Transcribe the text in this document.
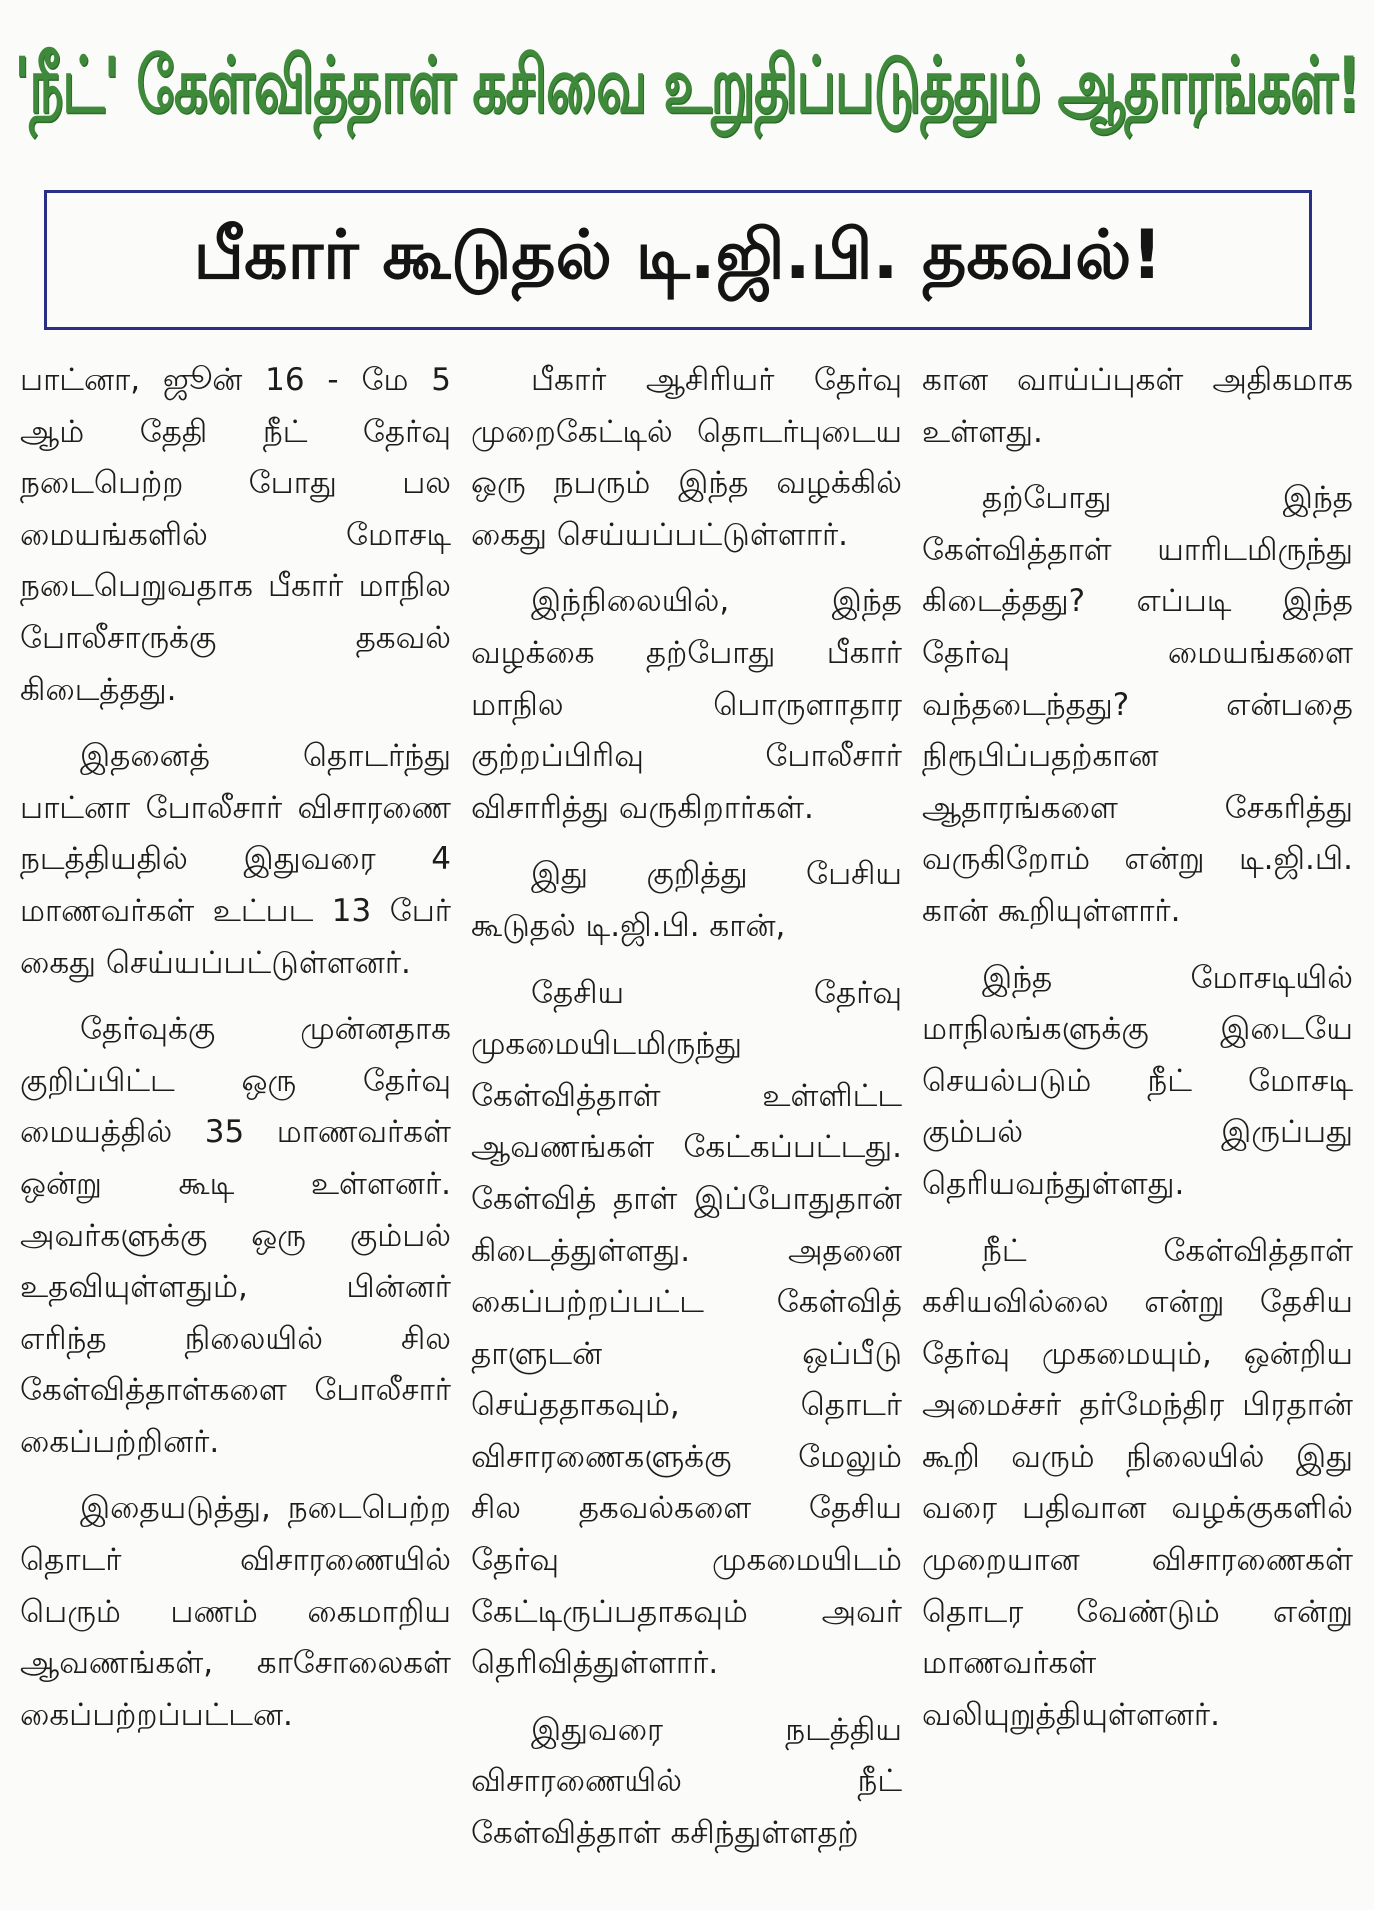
'நீட்' கேள்வித்தாள் கசிவை உறுதிப்படுத்தும் ஆதாரங்கள்!
பீகார் கூடுதல் டி.ஜி.பி. தகவல்!

பாட்னா, ஜூன் 16 - மே 5 ஆம் தேதி நீட் தேர்வு நடைபெற்ற போது பல மையங்களில் மோசடி நடைபெறுவதாக பீகார் மாநில போலீசாருக்கு தகவல் கிடைத்தது.

இதனைத் தொடர்ந்து பாட்னா போலீசார் விசாரணை நடத்தியதில் இதுவரை 4 மாணவர்கள் உட்பட 13 பேர் கைது செய்யப்பட்டுள்ளனர்.

தேர்வுக்கு முன்னதாக குறிப்பிட்ட ஒரு தேர்வு மையத்தில் 35 மாணவர்கள் ஒன்று கூடி உள்ளனர். அவர்களுக்கு ஒரு கும்பல் உதவியுள்ளதும், பின்னர் எரிந்த நிலையில் சில கேள்வித்தாள்களை போலீசார் கைப்பற்றினர்.

இதையடுத்து, நடைபெற்ற தொடர் விசாரணையில் பெரும் பணம் கைமாறிய ஆவணங்கள், காசோலைகள் கைப்பற்றப்பட்டன.

பீகார் ஆசிரியர் தேர்வு முறைகேட்டில் தொடர்புடைய ஒரு நபரும் இந்த வழக்கில் கைது செய்யப்பட்டுள்ளார்.

இந்நிலையில், இந்த வழக்கை தற்போது பீகார் மாநில பொருளாதார குற்றப்பிரிவு போலீசார் விசாரித்து வருகிறார்கள்.

இது குறித்து பேசிய கூடுதல் டி.ஜி.பி. கான்,

தேசிய தேர்வு முகமையிடமிருந்து கேள்வித்தாள் உள்ளிட்ட ஆவணங்கள் கேட்கப்பட்டது. கேள்வித் தாள் இப்போதுதான் கிடைத்துள்ளது. அதனை கைப்பற்றப்பட்ட கேள்வித் தாளுடன் ஒப்பீடு செய்ததாகவும், தொடர் விசாரணைகளுக்கு மேலும் சில தகவல்களை தேசிய தேர்வு முகமையிடம் கேட்டிருப்பதாகவும் அவர் தெரிவித்துள்ளார்.

இதுவரை நடத்திய விசாரணையில் நீட் கேள்வித்தாள் கசிந்துள்ளதற்

கான வாய்ப்புகள் அதிகமாக உள்ளது.

தற்போது இந்த கேள்வித்தாள் யாரிடமிருந்து கிடைத்தது? எப்படி இந்த தேர்வு மையங்களை வந்தடைந்தது? என்பதை நிரூபிப்பதற்கான ஆதாரங்களை சேகரித்து வருகிறோம் என்று டி.ஜி.பி. கான் கூறியுள்ளார்.

இந்த மோசடியில் மாநிலங்களுக்கு இடையே செயல்படும் நீட் மோசடி கும்பல் இருப்பது தெரியவந்துள்ளது.

நீட் கேள்வித்தாள் கசியவில்லை என்று தேசிய தேர்வு முகமையும், ஒன்றிய அமைச்சர் தர்மேந்திர பிரதான் கூறி வரும் நிலையில் இது வரை பதிவான வழக்குகளில் முறையான விசாரணைகள் தொடர வேண்டும் என்று மாணவர்கள் வலியுறுத்தியுள்ளனர்.
